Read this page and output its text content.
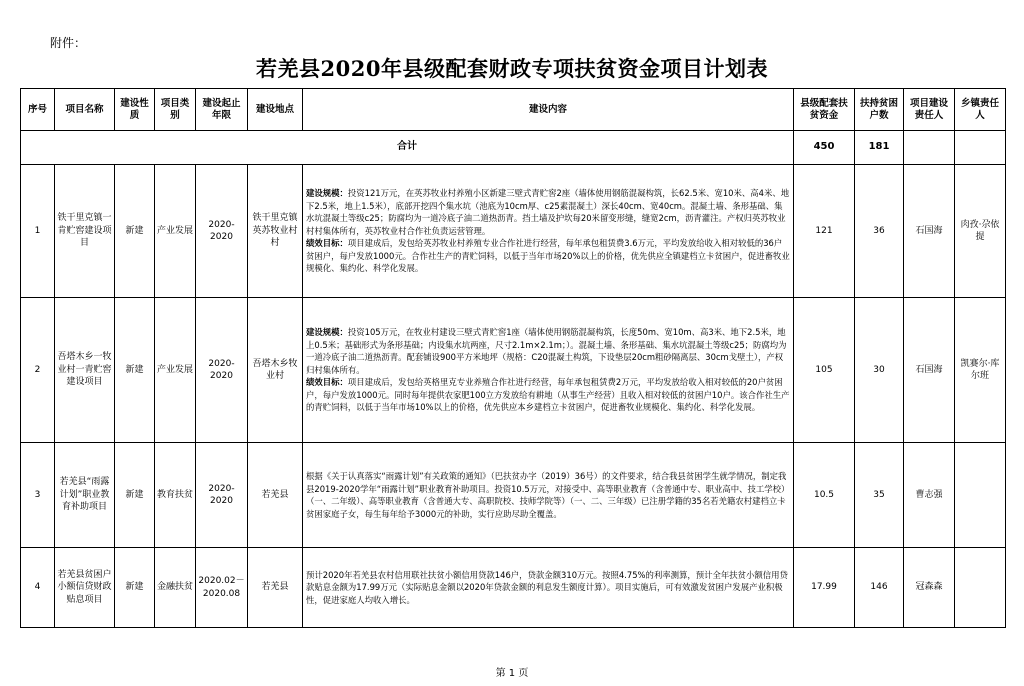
附件：
若羌县2020年县级配套财政专项扶贫资金项目计划表
序号	项目名称	建设性质	项目类别	建设起止年限	建设地点	建设内容	县级配套扶贫资金	扶持贫困户数	项目建设责任人	乡镇责任人
合计							450	181		
1	铁干里克镇一肯贮窖建设项目	新建	产业发展	2020-2020	铁干里克镇英苏牧业村村	建设规模：投资121万元，在英苏牧业村养殖小区新建三壁式青贮窖2座（墙体使用钢筋混凝构筑，长62.5米、宽10米、高4米、地下2.5米，地上1.5米），底部开挖四个集水坑（池底为10cm厚、c25素混凝土）深长40cm、宽40cm。混凝土墙、条形基础、集水坑混凝土等级c25；防腐均为一道冷底子油二道热沥青。挡土墙及护坎每20米留变形缝，缝宽2cm，沥青灌注。产权归英苏牧业村村集体所有，英苏牧业村合作社负责运营管理。
绩效目标：项目建成后，发包给英苏牧业村养殖专业合作社进行经营，每年承包租赁费3.6万元，平均发放给收入相对较低的36户贫困户，每户发放1000元。合作社生产的青贮饲料，以低于当年市场20%以上的价格，优先供应全镇建档立卡贫困户，促进畜牧业规模化、集约化、科学化发展。	121	36	石国海	肉孜·尕依提
2	吾塔木乡一牧业村一青贮窖建设项目	新建	产业发展	2020-2020	吾塔木乡牧业村	建设规模：投资105万元，在牧业村建设三壁式青贮窖1座（墙体使用钢筋混凝构筑，长度50m、宽10m、高3米、地下2.5米，地上0.5米；基础形式为条形基础；内设集水坑两座，尺寸2.1m×2.1m；）。混凝土墙、条形基础、集水坑混凝土等级c25；防腐均为一道冷底子油二道热沥青。配套铺设900平方米地坪（规格：C20混凝土构筑，下设垫层20cm粗砂隔离层、30cm戈壁土），产权归村集体所有。
绩效目标：项目建成后，发包给英格里克专业养殖合作社进行经营，每年承包租赁费2万元，平均发放给收入相对较低的20户贫困户，每户发放1000元。同时每年提供农家肥100立方发放给有耕地（从事生产经营）且收入相对较低的贫困户10户。该合作社生产的青贮饲料，以低于当年市场10%以上的价格，优先供应本乡建档立卡贫困户，促进畜牧业规模化、集约化、科学化发展。	105	30	石国海	凯赛尔·库尔班
3	若羌县“雨露计划”职业教育补助项目	新建	教育扶贫	2020-2020	若羌县	根据《关于认真落实“雨露计划”有关政策的通知》（巴扶贫办字（2019）36号）的文件要求，结合我县贫困学生就学情况，制定我县2019-2020学年“雨露计划”职业教育补助项目。投资10.5万元，对接受中、高等职业教育（含普通中专、职业高中、技工学校）（一、二年级）、高等职业教育（含普通大专、高职院校、技师学院等）（一、二、三年级）已注册学籍的35名若羌籍农村建档立卡贫困家庭子女，每生每年给予3000元的补助，实行应助尽助全覆盖。	10.5	35	曹志强	
4	若羌县贫困户小额信贷财政贴息项目	新建	金融扶贫	2020.02－2020.08	若羌县	预计2020年若羌县农村信用联社扶贫小额信用贷款146户，贷款金额310万元。按照4.75%的利率测算，预计全年扶贫小额信用贷款贴息金额为17.99万元（实际贴息金额以2020年贷款金额的利息发生额度计算）。项目实施后，可有效激发贫困户发展产业积极性，促进家庭人均收入增长。	17.99	146	冠森森	
第 1 页
